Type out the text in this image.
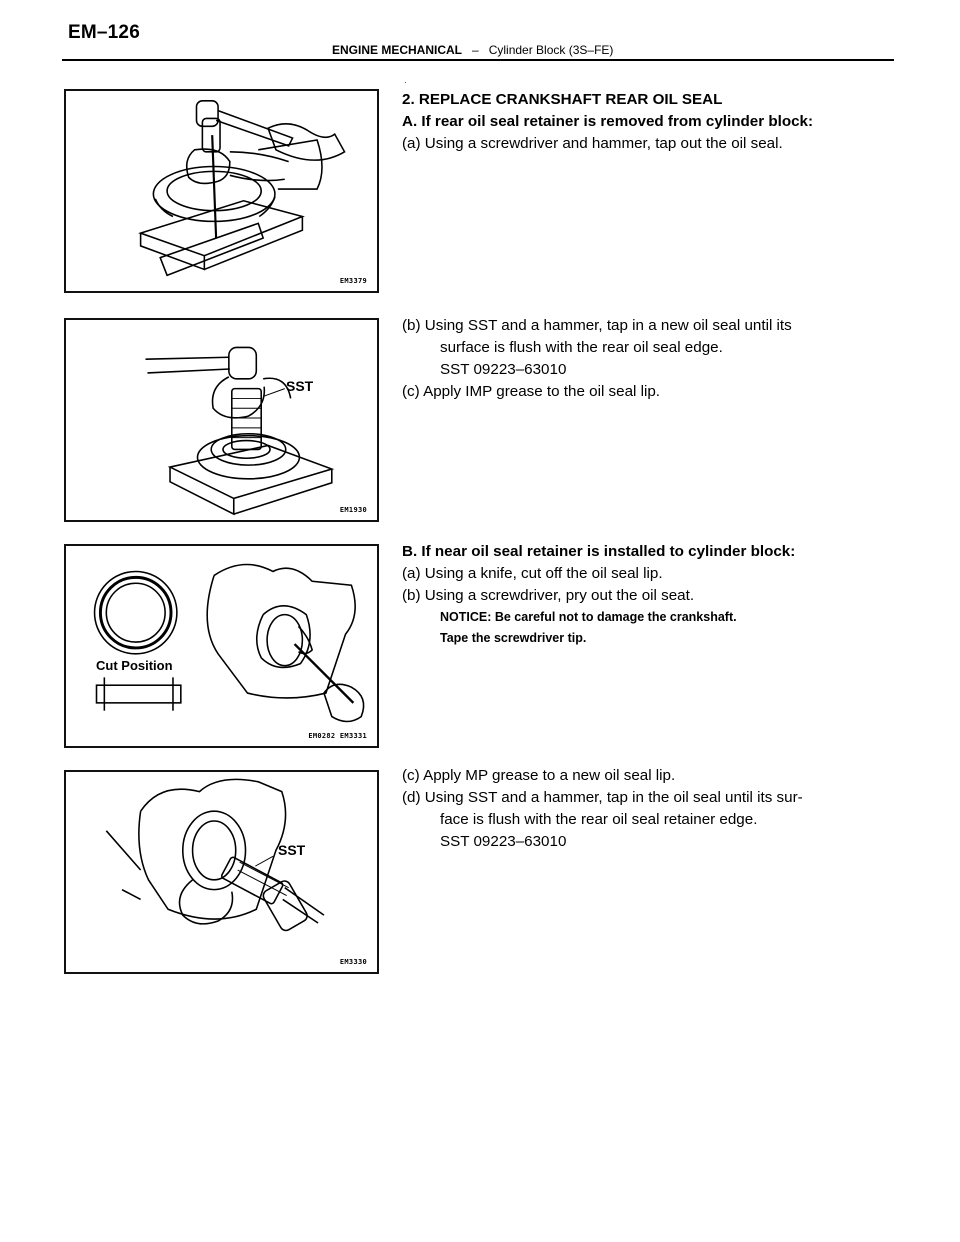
EM–126
ENGINE MECHANICAL – Cylinder Block (3S–FE)
EM3379
SST
EM1930
Cut Position
EM0282 EM3331
SST
EM3330
·

2. REPLACE CRANKSHAFT REAR OIL SEAL

A. If rear oil seal retainer is removed from cylinder block:

(a) Using a screwdriver and hammer, tap out the oil seal.

(b) Using SST and a hammer, tap in a new oil seal until its

surface is flush with the rear oil seal edge.

SST 09223–63010

(c) Apply IMP grease to the oil seal lip.

B. If near oil seal retainer is installed to cylinder block:

(a) Using a knife, cut off the oil seal lip.

(b) Using a screwdriver, pry out the oil seat.

NOTICE: Be careful not to damage the crankshaft.

Tape the screwdriver tip.

(c) Apply MP grease to a new oil seal lip.

(d) Using SST and a hammer, tap in the oil seal until its sur-

face is flush with the rear oil seal retainer edge.

SST 09223–63010
